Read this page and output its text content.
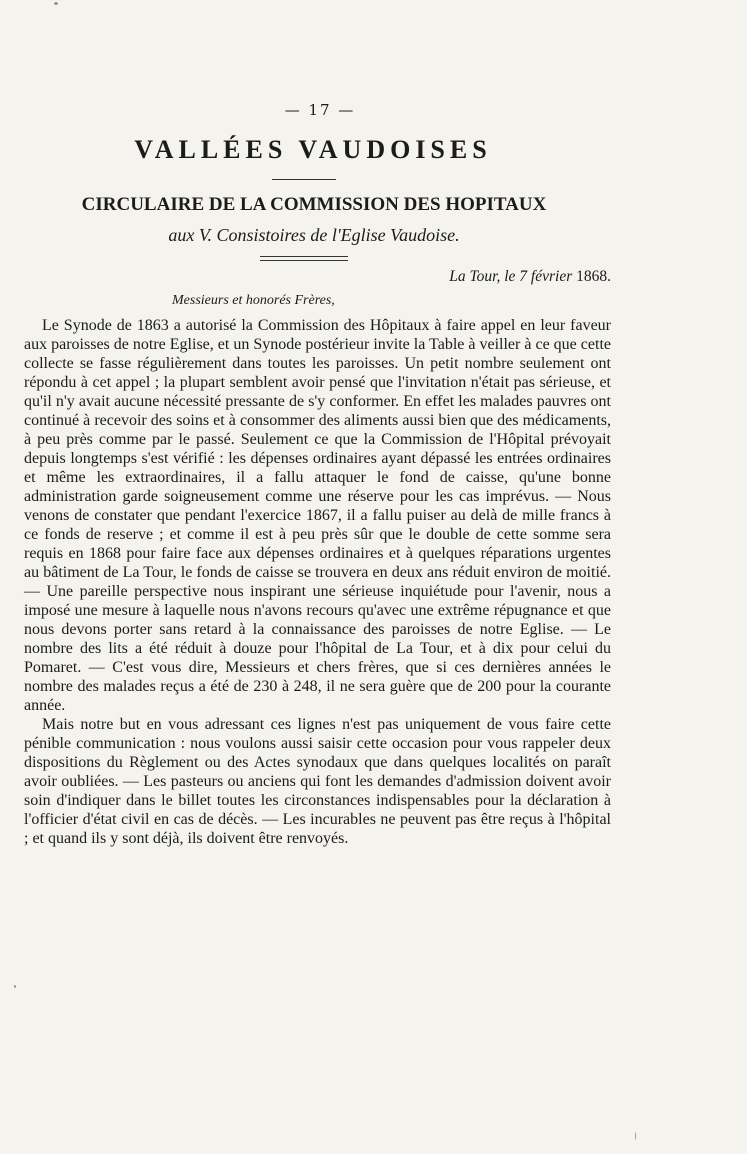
— 17 —
VALLÉES VAUDOISES
CIRCULAIRE DE LA COMMISSION DES HOPITAUX
aux V. Consistoires de l'Eglise Vaudoise.
La Tour, le 7 février 1868.
Messieurs et honorés Frères,

Le Synode de 1863 a autorisé la Commission des Hôpitaux à faire appel en leur faveur aux paroisses de notre Eglise, et un Synode postérieur invite la Table à veiller à ce que cette collecte se fasse régulièrement dans toutes les paroisses. Un petit nombre seulement ont répondu à cet appel ; la plupart semblent avoir pensé que l'invitation n'était pas sérieuse, et qu'il n'y avait aucune nécessité pressante de s'y conformer. En effet les malades pauvres ont continué à recevoir des soins et à consommer des aliments aussi bien que des médicaments, à peu près comme par le passé. Seulement ce que la Commission de l'Hôpital prévoyait depuis longtemps s'est vérifié : les dépenses ordinaires ayant dépassé les entrées ordinaires et même les extraordinaires, il a fallu attaquer le fond de caisse, qu'une bonne administration garde soigneusement comme une réserve pour les cas imprévus. — Nous venons de constater que pendant l'exercice 1867, il a fallu puiser au delà de mille francs à ce fonds de reserve ; et comme il est à peu près sûr que le double de cette somme sera requis en 1868 pour faire face aux dépenses ordinaires et à quelques réparations urgentes au bâtiment de La Tour, le fonds de caisse se trouvera en deux ans réduit environ de moitié. — Une pareille perspective nous inspirant une sérieuse inquiétude pour l'avenir, nous a imposé une mesure à laquelle nous n'avons recours qu'avec une extrême répugnance et que nous devons porter sans retard à la connaissance des paroisses de notre Eglise. — Le nombre des lits a été réduit à douze pour l'hôpital de La Tour, et à dix pour celui du Pomaret. — C'est vous dire, Messieurs et chers frères, que si ces dernières années le nombre des malades reçus a été de 230 à 248, il ne sera guère que de 200 pour la courante année.

Mais notre but en vous adressant ces lignes n'est pas uniquement de vous faire cette pénible communication : nous voulons aussi saisir cette occasion pour vous rappeler deux dispositions du Règlement ou des Actes synodaux que dans quelques localités on paraît avoir oubliées. — Les pasteurs ou anciens qui font les demandes d'admission doivent avoir soin d'indiquer dans le billet toutes les circonstances indispensables pour la déclaration à l'officier d'état civil en cas de décès. — Les incurables ne peuvent pas être reçus à l'hôpital ; et quand ils y sont déjà, ils doivent être renvoyés.
